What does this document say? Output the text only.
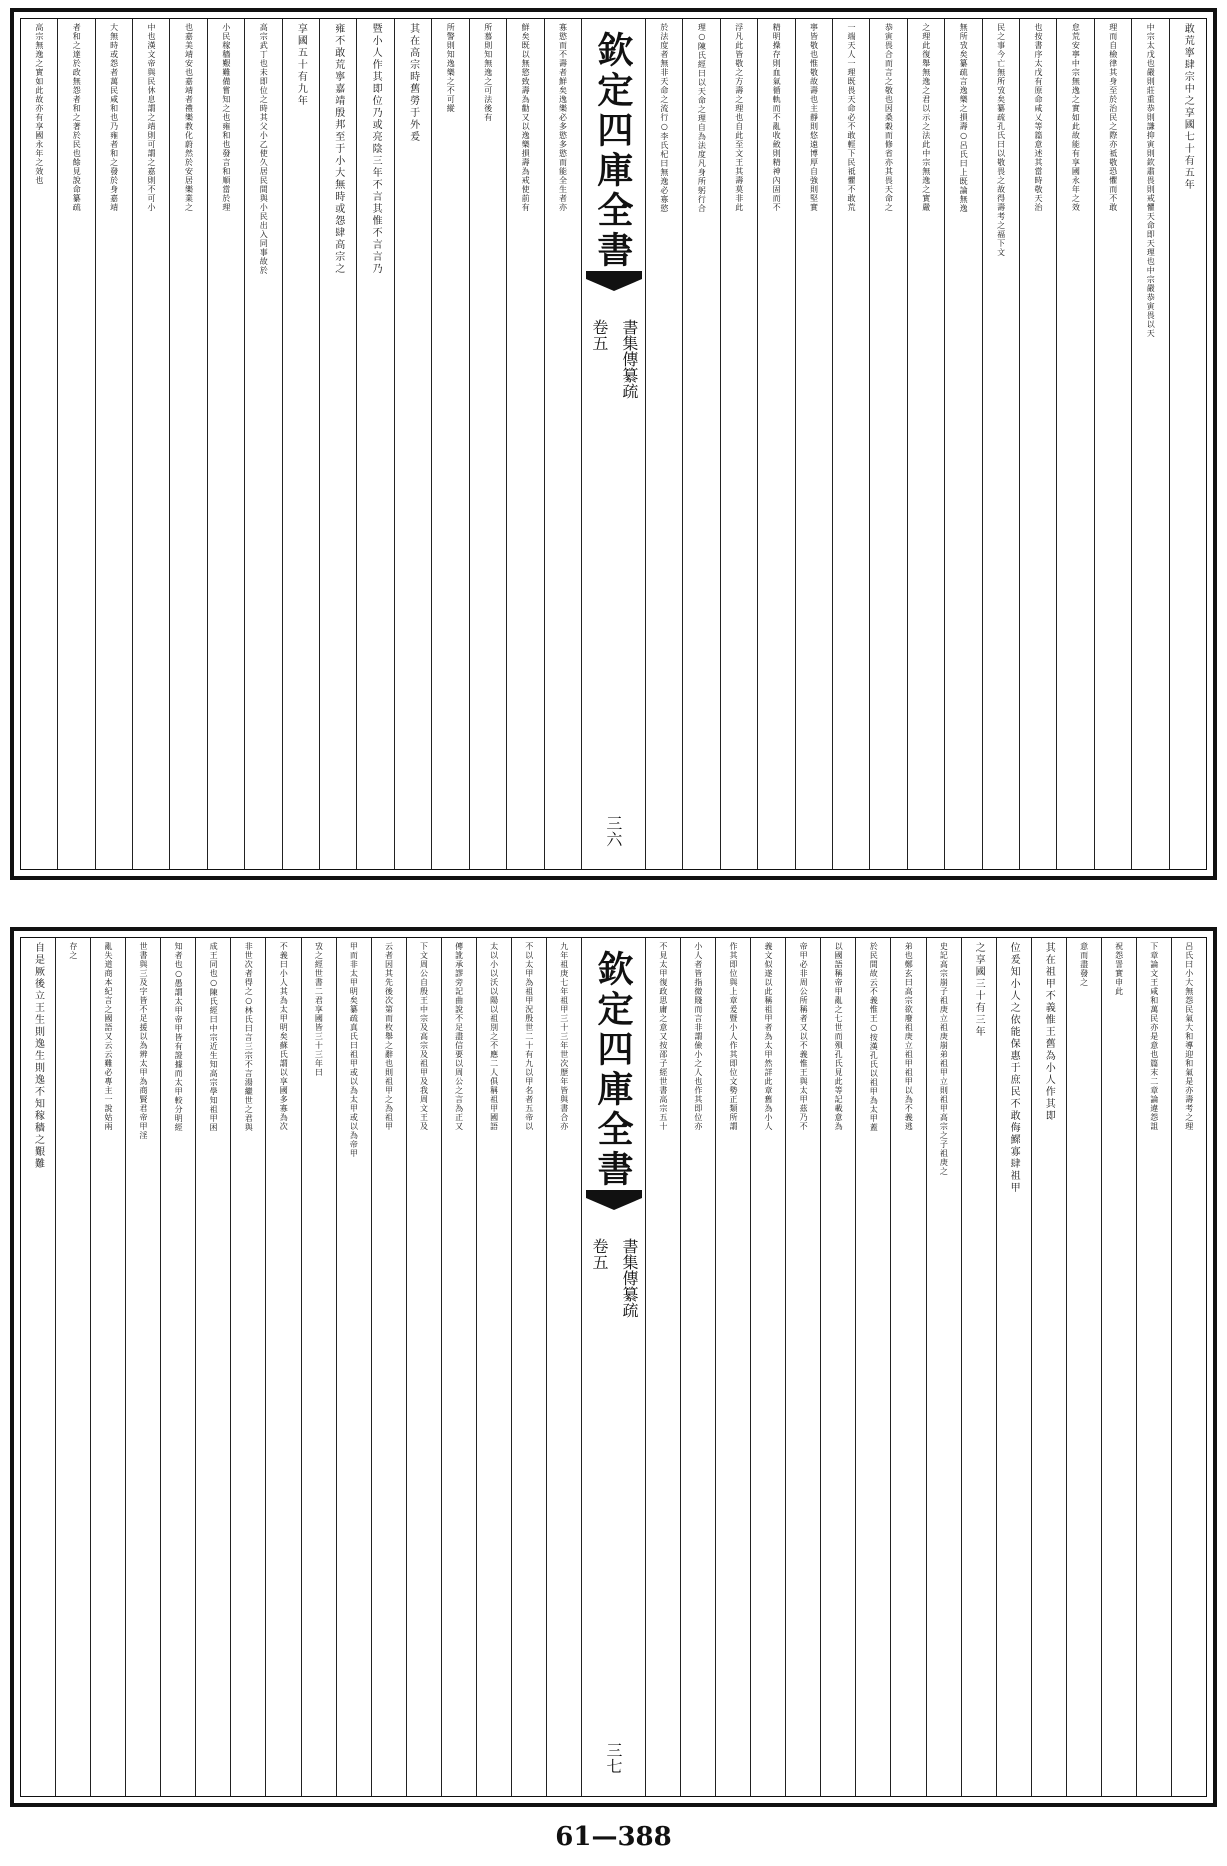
敢荒寧肆宗中之享國七十有五年
中宗太戊也嚴則莊重恭則謙抑寅則欽肅畏則戒懼天命即天理也中宗嚴恭寅畏以天
理而自檢律其身至於治民之際亦祗敬恐懼而不敢
怠荒安寧中宗無逸之實如此故能有享國永年之效
也按書序太戊有原命咸乂等篇意述其當時敬天治
民之事今亡無所攷矣纂疏孔氏曰以敬畏之故得壽考之福下文
無所攷矣纂疏言逸樂之損壽○呂氏曰上既論無逸
之理此復舉無逸之君以示之法此中宗無逸之實嚴
恭寅畏合而言之敬也因桑穀而修省亦其畏天命之
一端天人一理既畏天命必不敢輕下民祗懼不敢荒
寧皆敬也惟敬故壽也主靜則悠遠博厚自強則堅實
精明操存則血氣循軌而不亂收斂則精神內固而不
浮凡此皆敬之方壽之理也自此至文王其壽莫非此
理○陳氏經曰以天命之理自為法度凡身所躬行合
於法度者無非天命之流行○李氏杞曰無逸必寡慾
欽定四庫全書
卷五 書集傳纂疏
三六
寡慾而不壽者鮮矣逸樂必多慾多慾而能全生者亦
鮮矣既以無慾致壽為勸又以逸樂損壽為戒使前有
所慕則知無逸之可法後有
所警則知逸樂之不可縱
其在高宗時舊勞于外爰
暨小人作其即位乃或亮陰三年不言其惟不言言乃
雍不敢荒寧嘉靖殷邦至于小大無時或怨肆高宗之
享國五十有九年
高宗武丁也未即位之時其父小乙使久居民間與小民出入同事故於
小民稼穡艱難備嘗知之也雍和也發言和順當於理
也嘉美靖安也嘉靖者禮樂教化蔚然於安居樂業之
中也漢文帝與民休息謂之靖則可謂之嘉則不可小
大無時或怨者萬民咸和也乃雍者和之發於身嘉靖
者和之達於政無怨者和之著於民也餘見說命纂疏
高宗無逸之實如此故亦有享國永年之效也
呂氏曰小大無怨民氣大和導迎和氣是亦壽考之理
下章論文王咸和萬民亦是意也篇末二章論違怨詛
祝怨詈實申此
意而盡發之
其在祖甲不義惟王舊為小人作其即
位爰知小人之依能保惠于庶民不敢侮鰥寡肆祖甲
之享國三十有三年
史記高宗崩子祖庚立祖庚崩弟祖甲立則祖甲高宗之子祖庚之
弟也鄭玄曰高宗欲廢祖庚立祖甲祖甲以為不義逃
於民間故云不義惟王○按漢孔氏以祖甲為太甲蓋
以國語稱帝甲亂之七世而殞孔氏見此等記載意為
帝甲必非周公所稱者又以不義惟王與太甲茲乃不
義文似遂以此稱祖甲者為太甲然詳此章舊為小人
作其即位與上章爰暨小人作其即位文勢正類所謂
小人者皆指微賤而言非謂儉小之人也作其即位亦
不見太甲復政思庸之意又按邵子經世書高宗五十
欽定四庫全書
卷五 書集傳纂疏
三七
九年祖庚七年祖甲三十三年世次歷年皆與書合亦
不以太甲為祖甲況殷世二十有九以甲名者五帝以
太以小以沃以陽以祖別之不應二人俱稱祖甲國語
傳訛承謬旁記曲說不足盡信要以周公之言為正又
下文周公自殷王中宗及高宗及祖甲及我周文王及
云者因其先後次第而枚舉之辭也則祖甲之為祖甲
甲而非太甲明矣纂疏真氏曰祖甲或以為太甲或以為帝甲
攷之經世書二君享國皆三十三年曰
不義曰小人其為太甲明矣蘇氏謂以享國多寡為次
非世次者得之○林氏曰言三宗不言湯繼世之君與
成王同也○陳氏經曰中宗近生知高宗學知祖甲困
知者也○愚謂太甲帝甲皆有證據而太甲較分明經
世書與三及字皆不足援以為辨太甲為商賢君帝甲淫
亂失道商本紀言之國語又云云難必專主一說姑兩
存之
自是厥後立王生則逸生則逸不知稼穡之艱難
61—388
